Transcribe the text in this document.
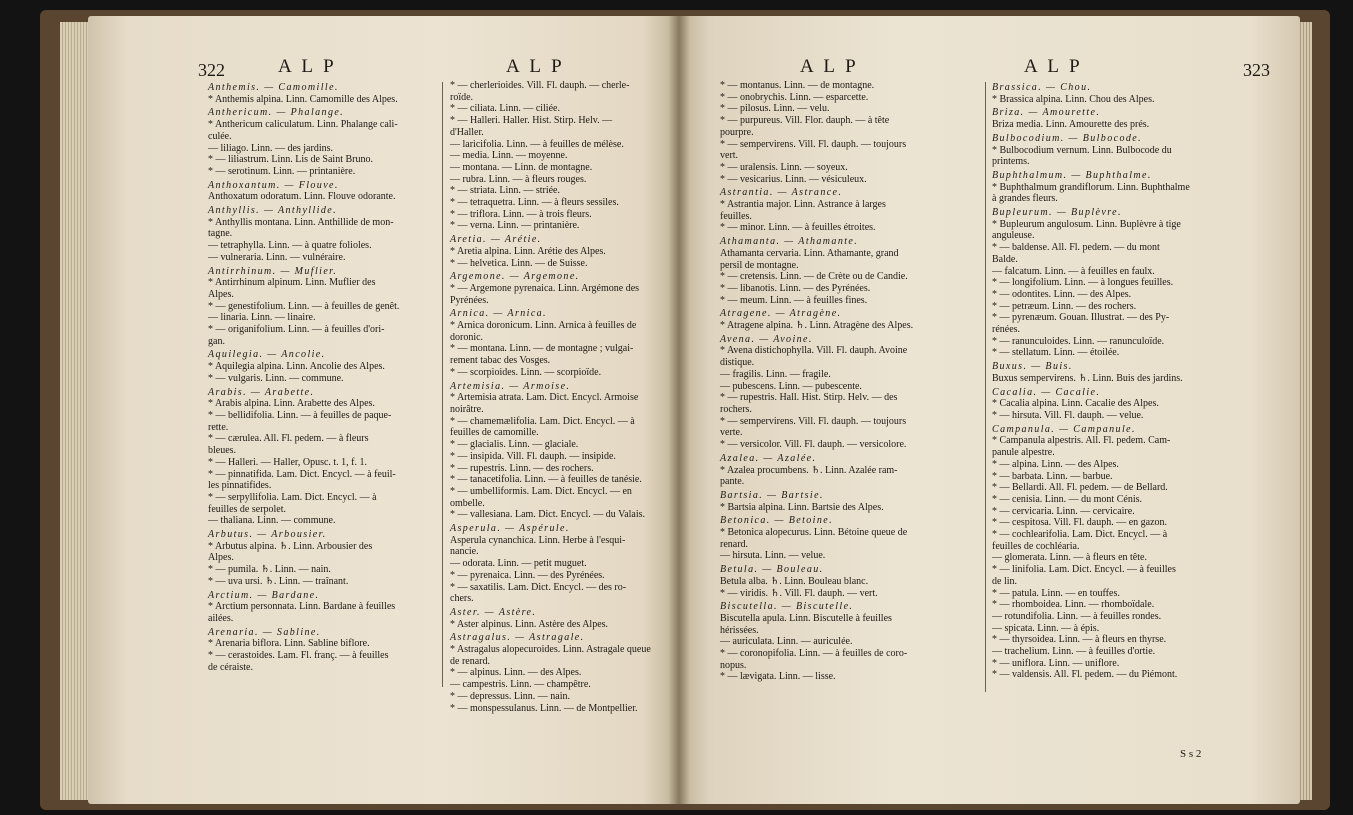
322	A L P	A L P
Anthemis. — Camomille.
* Anthemis alpina. Linn. Camomille des Alpes.
Anthericum. — Phalange.
* Anthericum caliculatum. Linn. Phalange cali-
culée.
— liliago. Linn. — des jardins.
* — liliastrum. Linn. Lis de Saint Bruno.
* — serotinum. Linn. — printanière.
Anthoxantum. — Flouve.
Anthoxatum odoratum. Linn. Flouve odorante.
Anthyllis. — Anthyllide.
* Anthyllis montana. Linn. Anthillide de mon-
tagne.
— tetraphylla. Linn. — à quatre folioles.
— vulneraria. Linn. — vulnéraire.
Antirrhinum. — Muflier.
* Antirrhinum alpinum. Linn. Muflier des
Alpes.
* — genestifolium. Linn. — à feuilles de genêt.
— linaria. Linn. — linaire.
* — origanifolium. Linn. — à feuilles d'ori-
gan.
Aquilegia. — Ancolie.
* Aquilegia alpina. Linn. Ancolie des Alpes.
* — vulgaris. Linn. — commune.
Arabis. — Arabette.
* Arabis alpina. Linn. Arabette des Alpes.
* — bellidifolia. Linn. — à feuilles de paque-
rette.
* — cærulea. All. Fl. pedem. — à fleurs
bleues.
* — Halleri. — Haller, Opusc. t. 1, f. 1.
* — pinnatifida. Lam. Dict. Encycl. — à feuil-
les pinnatifides.
* — serpyllifolia. Lam. Dict. Encycl. — à
feuilles de serpolet.
— thaliana. Linn. — commune.
Arbutus. — Arbousier.
* Arbutus alpina. ♄. Linn. Arbousier des
Alpes.
* — pumila. ♄. Linn. — nain.
* — uva ursi. ♄. Linn. — traînant.
Arctium. — Bardane.
* Arctium personnata. Linn. Bardane à feuilles
ailées.
Arenaria. — Sabline.
* Arenaria biflora. Linn. Sabline biflore.
* — cerastoides. Lam. Fl. franç. — à feuilles
de céraiste.
* — cherlerioides. Vill. Fl. dauph. — cherle-
roïde.
* — ciliata. Linn. — ciliée.
* — Halleri. Haller. Hist. Stirp. Helv. —
d'Haller.
— laricifolia. Linn. — à feuilles de mélèse.
— media. Linn. — moyenne.
— montana. — Linn. de montagne.
— rubra. Linn. — à fleurs rouges.
* — striata. Linn. — striée.
* — tetraquetra. Linn. — à fleurs sessiles.
* — triflora. Linn. — à trois fleurs.
* — verna. Linn. — printanière.
Aretia. — Arétie.
* Aretia alpina. Linn. Arétie des Alpes.
* — helvetica. Linn. — de Suisse.
Argemone. — Argemone.
* — Argemone pyrenaica. Linn. Argémone des
Pyrénées.
Arnica. — Arnica.
* Arnica doronicum. Linn. Arnica à feuilles de
doronic.
* — montana. Linn. — de montagne ; vulgai-
rement tabac des Vosges.
* — scorpioides. Linn. — scorpioïde.
Artemisia. — Armoise.
* Artemisia atrata. Lam. Dict. Encycl. Armoise
noirâtre.
* — chamemælifolia. Lam. Dict. Encycl. — à
feuilles de camomille.
* — glacialis. Linn. — glaciale.
* — insipida. Vill. Fl. dauph. — insipide.
* — rupestris. Linn. — des rochers.
* — tanacetifolia. Linn. — à feuilles de tanésie.
* — umbelliformis. Lam. Dict. Encycl. — en
ombelle.
* — vallesiana. Lam. Dict. Encycl. — du Valais.
Asperula. — Aspérule.
Asperula cynanchica. Linn. Herbe à l'esqui-
nancie.
— odorata. Linn. — petit muguet.
* — pyrenaica. Linn. — des Pyrénées.
* — saxatilis. Lam. Dict. Encycl. — des ro-
chers.
Aster. — Astère.
* Aster alpinus. Linn. Astère des Alpes.
Astragalus. — Astragale.
* Astragalus alopecuroides. Linn. Astragale queue
de renard.
* — alpinus. Linn. — des Alpes.
— campestris. Linn. — champêtre.
* — depressus. Linn. — nain.
* — monspessulanus. Linn. — de Montpellier.
A L P	A L P	323
* — montanus. Linn. — de montagne.
* — onobrychis. Linn. — esparcette.
* — pilosus. Linn. — velu.
* — purpureus. Vill. Flor. dauph. — à tête
pourpre.
* — sempervirens. Vill. Fl. dauph. — toujours
vert.
* — uralensis. Linn. — soyeux.
* — vesicarius. Linn. — vésiculeux.
Astrantia. — Astrance.
* Astrantia major. Linn. Astrance à larges
feuilles.
* — minor. Linn. — à feuilles étroites.
Athamanta. — Athamante.
Athamanta cervaria. Linn. Athamante, grand
persil de montagne.
* — cretensis. Linn. — de Crète ou de Candie.
* — libanotis. Linn. — des Pyrénées.
* — meum. Linn. — à feuilles fines.
Atragene. — Atragène.
* Atragene alpina. ♄. Linn. Atragène des Alpes.
Avena. — Avoine.
* Avena distichophylla. Vill. Fl. dauph. Avoine
distique.
— fragilis. Linn. — fragile.
— pubescens. Linn. — pubescente.
* — rupestris. Hall. Hist. Stirp. Helv. — des
rochers.
* — sempervirens. Vill. Fl. dauph. — toujours
verte.
* — versicolor. Vill. Fl. dauph. — versicolore.
Azalea. — Azalée.
* Azalea procumbens. ♄. Linn. Azalée ram-
pante.
Bartsia. — Bartsie.
* Bartsia alpina. Linn. Bartsie des Alpes.
Betonica. — Betoine.
* Betonica alopecurus. Linn. Bétoine queue de
renard.
— hirsuta. Linn. — velue.
Betula. — Bouleau.
Betula alba. ♄. Linn. Bouleau blanc.
* — viridis. ♄. Vill. Fl. dauph. — vert.
Biscutella. — Biscutelle.
Biscutella apula. Linn. Biscutelle à feuilles
hérissées.
— auriculata. Linn. — auriculée.
* — coronopifolia. Linn. — à feuilles de coro-
nopus.
* — lævigata. Linn. — lisse.
Brassica. — Chou.
* Brassica alpina. Linn. Chou des Alpes.
Briza. — Amourette.
Briza media. Linn. Amourette des prés.
Bulbocodium. — Bulbocode.
* Bulbocodium vernum. Linn. Bulbocode du
printems.
Buphthalmum. — Buphthalme.
* Buphthalmum grandiflorum. Linn. Buphthalme
à grandes fleurs.
Bupleurum. — Buplèvre.
* Bupleurum angulosum. Linn. Buplèvre à tige
anguleuse.
* — baldense. All. Fl. pedem. — du mont
Balde.
— falcatum. Linn. — à feuilles en faulx.
* — longifolium. Linn. — à longues feuilles.
* — odontites. Linn. — des Alpes.
* — petræum. Linn. — des rochers.
* — pyrenæum. Gouan. Illustrat. — des Py-
rénées.
* — ranunculoides. Linn. — ranunculoïde.
* — stellatum. Linn. — étoilée.
Buxus. — Buis.
Buxus sempervirens. ♄. Linn. Buis des jardins.
Cacalia. — Cacalie.
* Cacalia alpina. Linn. Cacalie des Alpes.
* — hirsuta. Vill. Fl. dauph. — velue.
Campanula. — Campanule.
* Campanula alpestris. All. Fl. pedem. Cam-
panule alpestre.
* — alpina. Linn. — des Alpes.
* — barbata. Linn. — barbue.
* — Bellardi. All. Fl. pedem. — de Bellard.
* — cenisia. Linn. — du mont Cénis.
* — cervicaria. Linn. — cervicaire.
* — cespitosa. Vill. Fl. dauph. — en gazon.
* — cochlearifolia. Lam. Dict. Encycl. — à
feuilles de cochléaria.
— glomerata. Linn. — à fleurs en tête.
* — linifolia. Lam. Dict. Encycl. — à feuilles
de lin.
* — patula. Linn. — en touffes.
* — rhomboidea. Linn. — rhomboïdale.
— rotundifolia. Linn. — à feuilles rondes.
— spicata. Linn. — à épis.
* — thyrsoidea. Linn. — à fleurs en thyrse.
— trachelium. Linn. — à feuilles d'ortie.
* — uniflora. Linn. — uniflore.
* — valdensis. All. Fl. pedem. — du Piémont.
S s 2
